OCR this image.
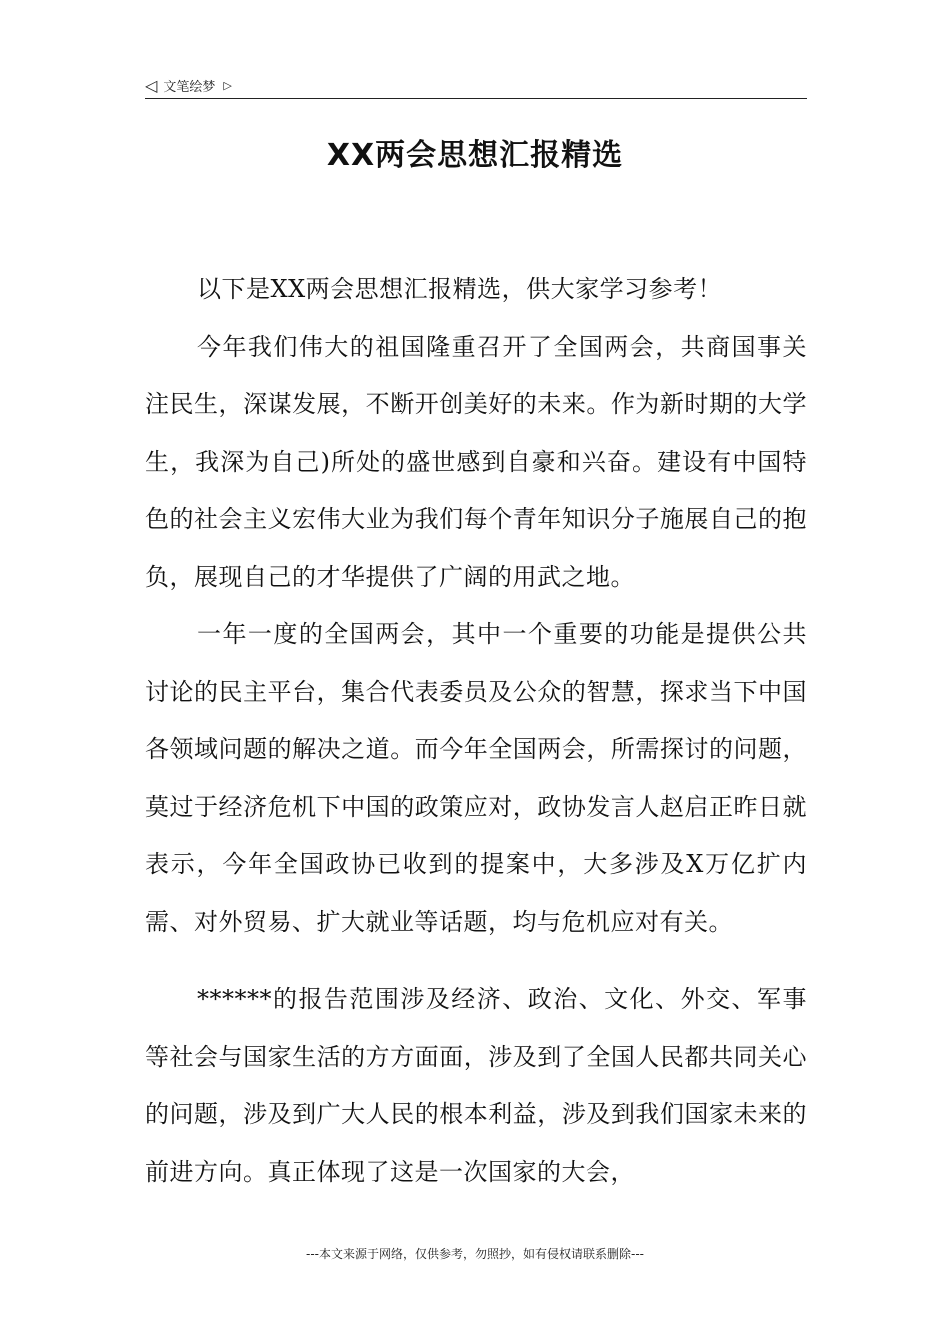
◁ 文笔绘梦 ▷
XX两会思想汇报精选

以下是XX两会思想汇报精选，供大家学习参考！

今年我们伟大的祖国隆重召开了全国两会，共商国事关注民生，深谋发展，不断开创美好的未来。作为新时期的大学生，我深为自己)所处的盛世感到自豪和兴奋。建设有中国特色的社会主义宏伟大业为我们每个青年知识分子施展自己的抱负，展现自己的才华提供了广阔的用武之地。

一年一度的全国两会，其中一个重要的功能是提供公共讨论的民主平台，集合代表委员及公众的智慧，探求当下中国各领域问题的解决之道。而今年全国两会，所需探讨的问题，莫过于经济危机下中国的政策应对，政协发言人赵启正昨日就表示，今年全国政协已收到的提案中，大多涉及X万亿扩内需、对外贸易、扩大就业等话题，均与危机应对有关。

******的报告范围涉及经济、政治、文化、外交、军事等社会与国家生活的方方面面，涉及到了全国人民都共同关心的问题，涉及到广大人民的根本利益，涉及到我们国家未来的前进方向。真正体现了这是一次国家的大会，

---本文来源于网络，仅供参考，勿照抄，如有侵权请联系删除---
